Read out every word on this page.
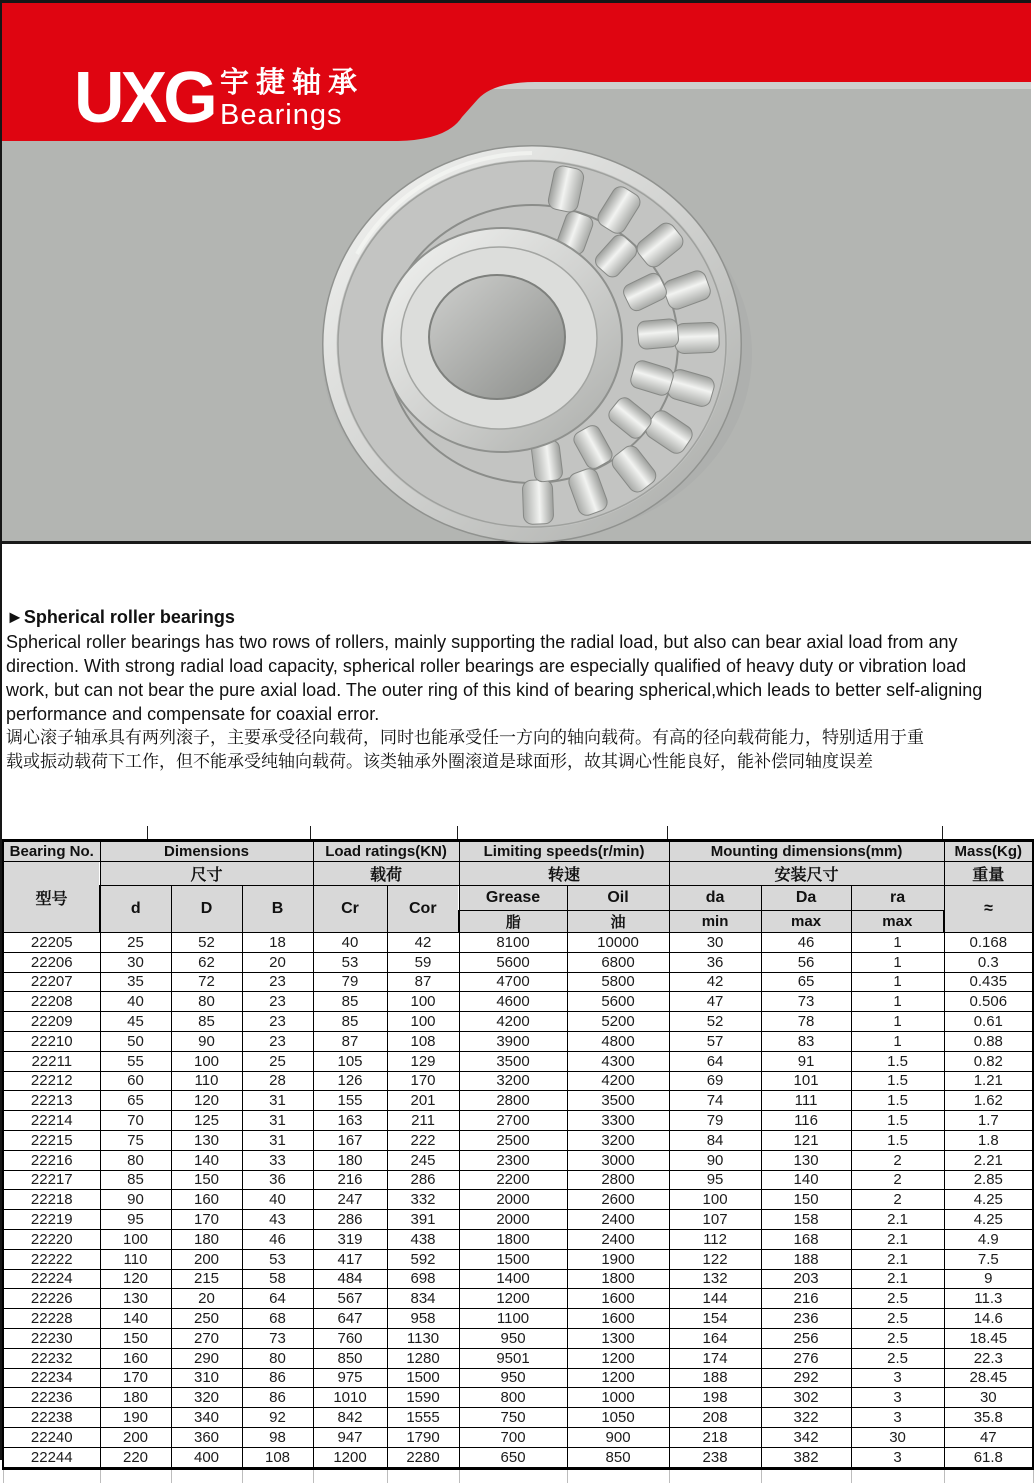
UXG 宇捷轴承
Bearings
►Spherical roller bearings
Spherical roller bearings has two rows of rollers, mainly supporting the radial load, but also can bear axial load from any
direction. With strong radial load capacity, spherical roller bearings are especially qualified of heavy duty or vibration load
work, but can not bear the pure axial load. The outer ring of this kind of bearing spherical,which leads to better self-aligning
performance and compensate for coaxial error.
调心滚子轴承具有两列滚子，主要承受径向载荷，同时也能承受任一方向的轴向载荷。有高的径向载荷能力，特别适用于重
载或振动载荷下工作，但不能承受纯轴向载荷。该类轴承外圈滚道是球面形，故其调心性能良好，能补偿同轴度误差
Bearing No.	Dimensions			Load ratings(KN)		Limiting speeds(r/min)		Mounting dimensions(mm)			Mass(Kg)
型号	尺寸			载荷		转速		安装尺寸			重量
	d	D	B	Cr	Cor	Grease	Oil	da	Da	ra	≈
						脂	油	min	max	max	
22205	25	52	18	40	42	8100	10000	30	46	1	0.168
22206	30	62	20	53	59	5600	6800	36	56	1	0.3
22207	35	72	23	79	87	4700	5800	42	65	1	0.435
22208	40	80	23	85	100	4600	5600	47	73	1	0.506
22209	45	85	23	85	100	4200	5200	52	78	1	0.61
22210	50	90	23	87	108	3900	4800	57	83	1	0.88
22211	55	100	25	105	129	3500	4300	64	91	1.5	0.82
22212	60	110	28	126	170	3200	4200	69	101	1.5	1.21
22213	65	120	31	155	201	2800	3500	74	111	1.5	1.62
22214	70	125	31	163	211	2700	3300	79	116	1.5	1.7
22215	75	130	31	167	222	2500	3200	84	121	1.5	1.8
22216	80	140	33	180	245	2300	3000	90	130	2	2.21
22217	85	150	36	216	286	2200	2800	95	140	2	2.85
22218	90	160	40	247	332	2000	2600	100	150	2	4.25
22219	95	170	43	286	391	2000	2400	107	158	2.1	4.25
22220	100	180	46	319	438	1800	2400	112	168	2.1	4.9
22222	110	200	53	417	592	1500	1900	122	188	2.1	7.5
22224	120	215	58	484	698	1400	1800	132	203	2.1	9
22226	130	20	64	567	834	1200	1600	144	216	2.5	11.3
22228	140	250	68	647	958	1100	1600	154	236	2.5	14.6
22230	150	270	73	760	1130	950	1300	164	256	2.5	18.45
22232	160	290	80	850	1280	9501	1200	174	276	2.5	22.3
22234	170	310	86	975	1500	950	1200	188	292	3	28.45
22236	180	320	86	1010	1590	800	1000	198	302	3	30
22238	190	340	92	842	1555	750	1050	208	322	3	35.8
22240	200	360	98	947	1790	700	900	218	342	30	47
22244	220	400	108	1200	2280	650	850	238	382	3	61.8
